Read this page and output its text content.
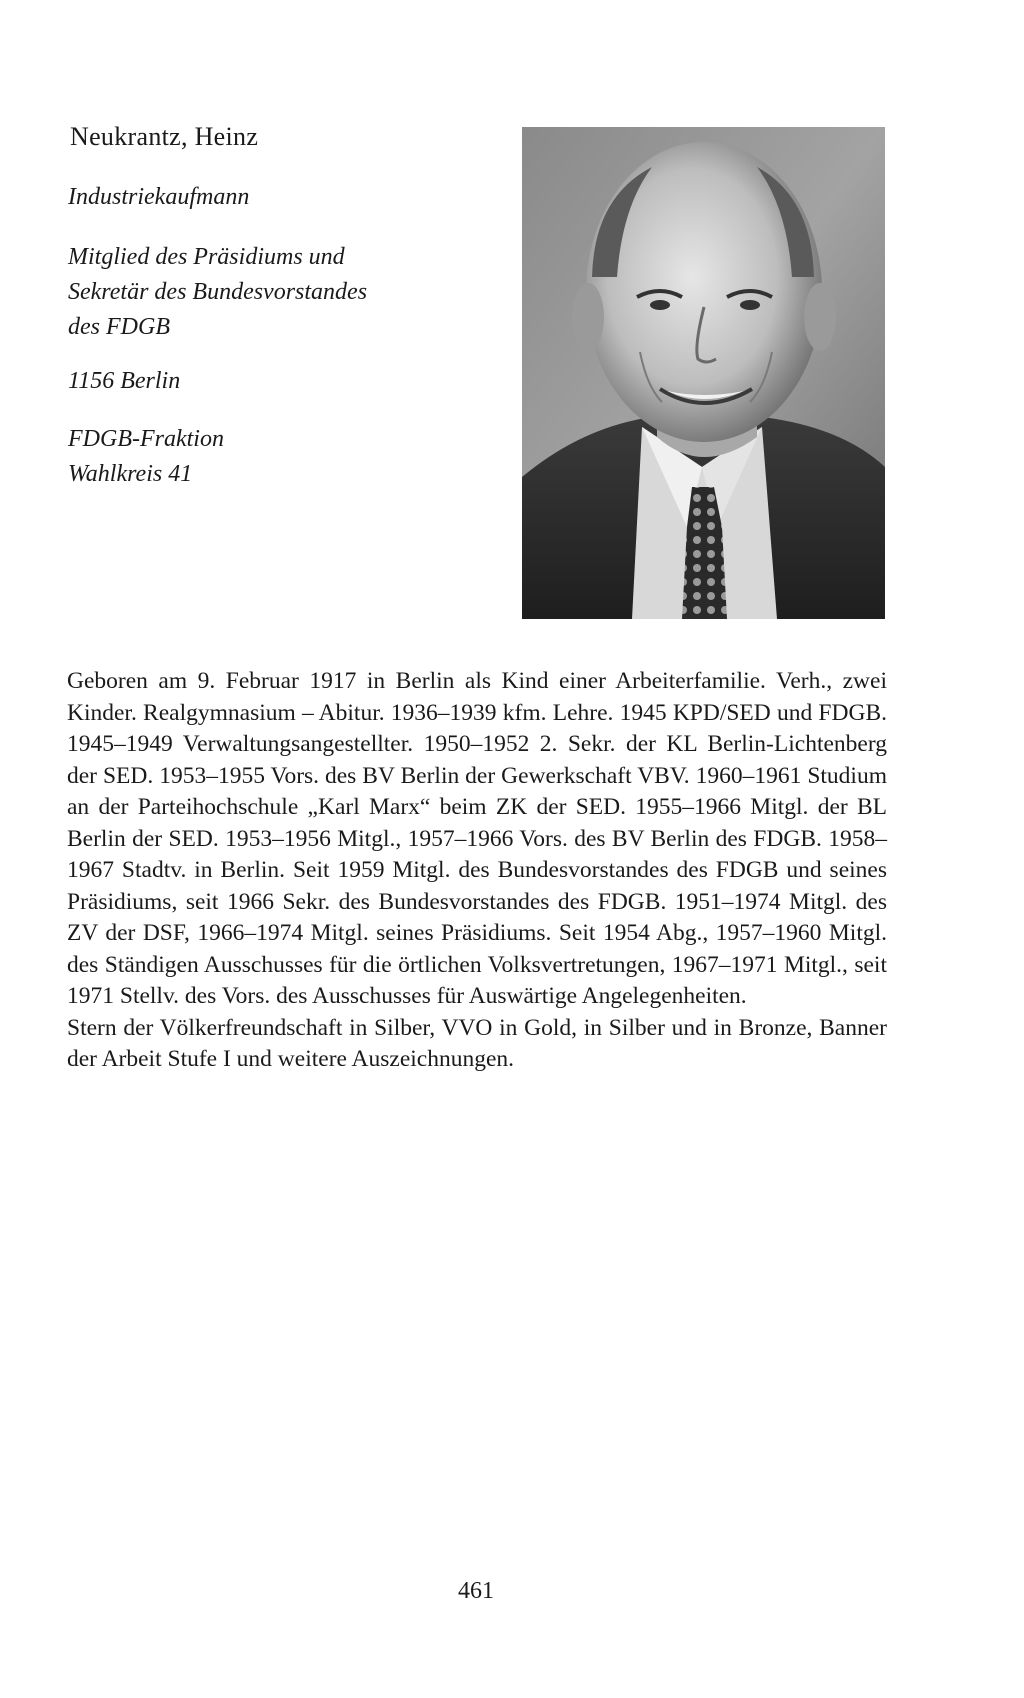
Neukrantz, Heinz
Industriekaufmann
Mitglied des Präsidiums und
Sekretär des Bundesvorstandes
des FDGB
1156 Berlin
FDGB-Fraktion
Wahlkreis 41

Geboren am 9. Februar 1917 in Berlin als Kind einer Arbeiterfamilie. Verh., zwei Kinder. Realgymnasium – Abitur. 1936–1939 kfm. Lehre. 1945 KPD/SED und FDGB. 1945–1949 Verwaltungsangestellter. 1950–1952 2. Sekr. der KL Berlin-Lichtenberg der SED. 1953–1955 Vors. des BV Berlin der Gewerkschaft VBV. 1960–1961 Studium an der Parteihochschule „Karl Marx“ beim ZK der SED. 1955–1966 Mitgl. der BL Berlin der SED. 1953–1956 Mitgl., 1957–1966 Vors. des BV Berlin des FDGB. 1958–1967 Stadtv. in Berlin. Seit 1959 Mitgl. des Bundesvorstandes des FDGB und seines Präsidiums, seit 1966 Sekr. des Bundesvorstandes des FDGB. 1951–1974 Mitgl. des ZV der DSF, 1966–1974 Mitgl. seines Präsidiums. Seit 1954 Abg., 1957–1960 Mitgl. des Ständigen Ausschusses für die örtlichen Volksvertretungen, 1967–1971 Mitgl., seit 1971 Stellv. des Vors. des Ausschusses für Auswärtige Angelegenheiten.

Stern der Völkerfreundschaft in Silber, VVO in Gold, in Silber und in Bronze, Banner der Arbeit Stufe I und weitere Auszeichnungen.

461
